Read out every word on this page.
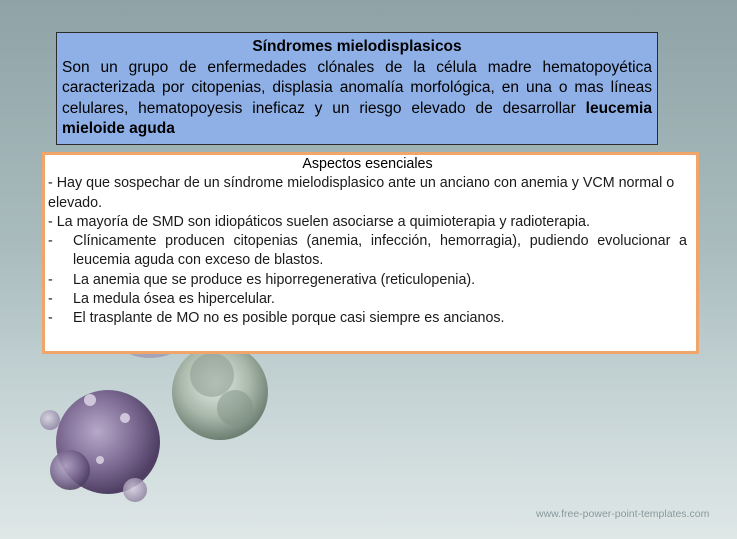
Síndromes mielodisplasicos
Son un grupo de enfermedades clónales de la célula madre hematopoyética caracterizada por citopenias, displasia anomalía morfológica, en una o mas líneas celulares, hematopoyesis ineficaz y un riesgo elevado de desarrollar leucemia mieloide aguda
Aspectos esenciales
- Hay que sospechar de un síndrome mielodisplasico ante un anciano con anemia y VCM normal o elevado.
- La mayoría de SMD son idiopáticos suelen asociarse a quimioterapia y radioterapia.
-	Clínicamente producen citopenias (anemia, infección, hemorragia), pudiendo evolucionar a leucemia aguda con exceso de blastos.
-	La anemia que se produce es hiporregenerativa (reticulopenia).
-	La medula ósea es hipercelular.
-	El trasplante de MO no es posible porque casi siempre es ancianos.
www.free-power-point-templates.com
